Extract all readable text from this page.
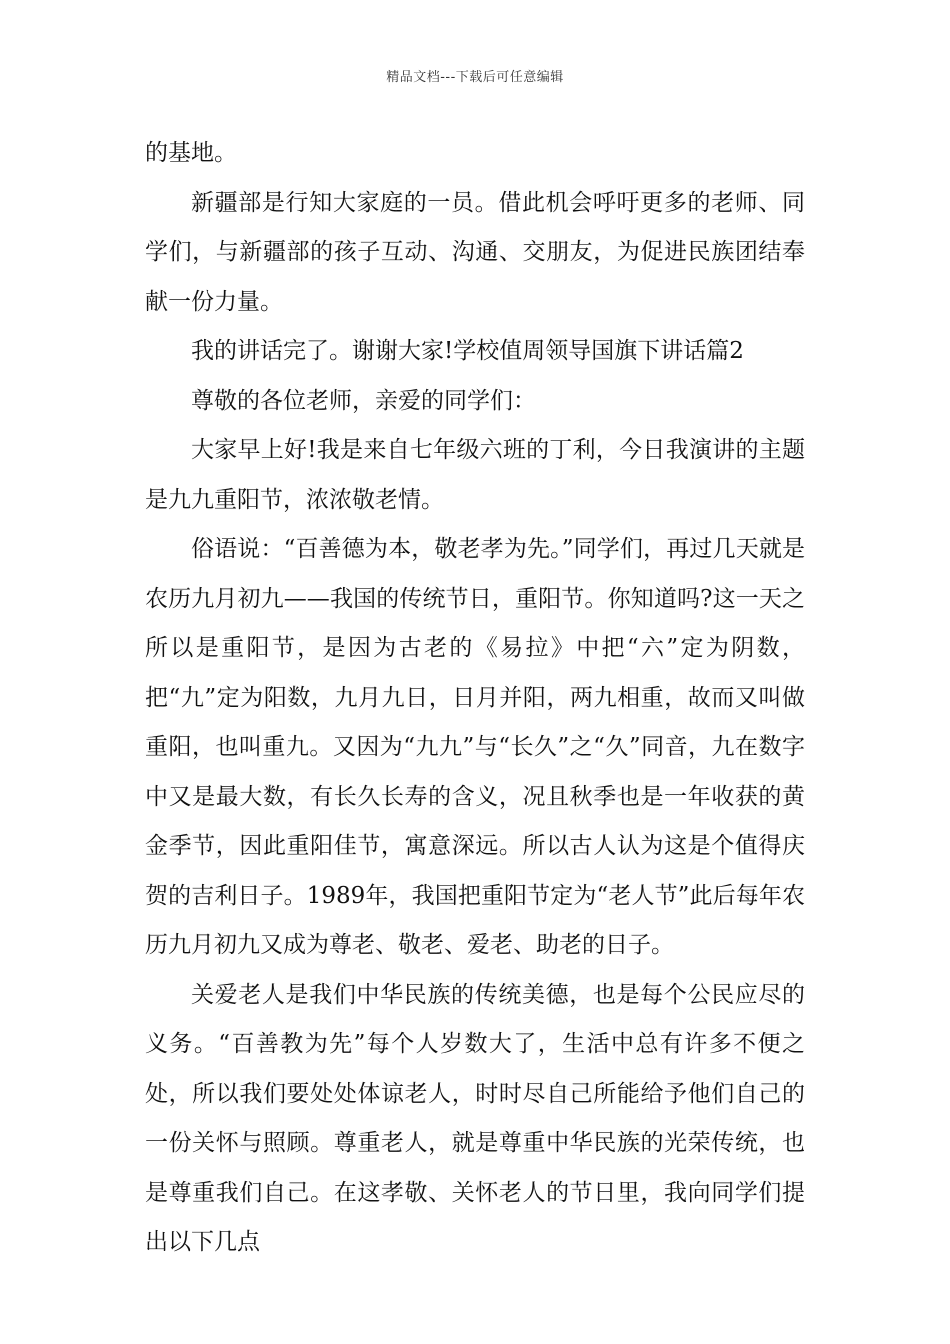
精品文档---下载后可任意编辑

的基地。

新疆部是行知大家庭的一员。借此机会呼吁更多的老师、同学们，与新疆部的孩子互动、沟通、交朋友，为促进民族团结奉献一份力量。

我的讲话完了。谢谢大家!学校值周领导国旗下讲话篇2

尊敬的各位老师，亲爱的同学们：

大家早上好!我是来自七年级六班的丁利，今日我演讲的主题是九九重阳节，浓浓敬老情。

俗语说：“百善德为本，敬老孝为先。”同学们，再过几天就是农历九月初九——我国的传统节日，重阳节。你知道吗?这一天之所以是重阳节，是因为古老的《易拉》中把“六”定为阴数，把“九”定为阳数，九月九日，日月并阳，两九相重，故而又叫做重阳，也叫重九。又因为“九九”与“长久”之“久”同音，九在数字中又是最大数，有长久长寿的含义，况且秋季也是一年收获的黄金季节，因此重阳佳节，寓意深远。所以古人认为这是个值得庆贺的吉利日子。1989年，我国把重阳节定为“老人节”此后每年农历九月初九又成为尊老、敬老、爱老、助老的日子。

关爱老人是我们中华民族的传统美德，也是每个公民应尽的义务。“百善教为先”每个人岁数大了，生活中总有许多不便之处，所以我们要处处体谅老人，时时尽自己所能给予他们自己的一份关怀与照顾。尊重老人，就是尊重中华民族的光荣传统，也是尊重我们自己。在这孝敬、关怀老人的节日里，我向同学们提出以下几点
